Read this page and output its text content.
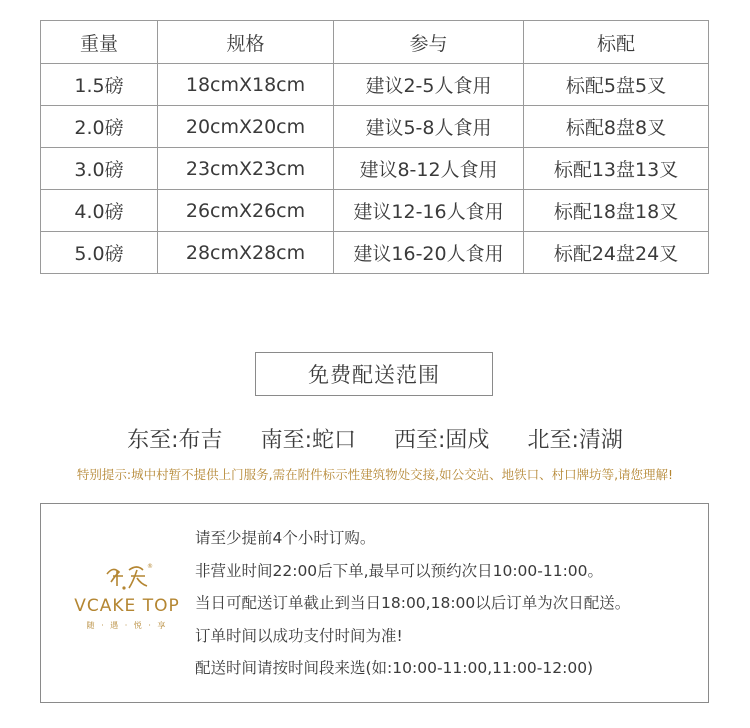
重量	规格	参与	标配
1.5磅	18cmX18cm	建议2-5人食用	标配5盘5叉
2.0磅	20cmX20cm	建议5-8人食用	标配8盘8叉
3.0磅	23cmX23cm	建议8-12人食用	标配13盘13叉
4.0磅	26cmX26cm	建议12-16人食用	标配18盘18叉
5.0磅	28cmX28cm	建议16-20人食用	标配24盘24叉
免费配送范围
东至: 布吉 南至: 蛇口 西至: 固戍 北至: 清湖
特别提示:城中村暂不提供上门服务,需在附件标示性建筑物处交接,如公交站、地铁口、村口牌坊等,请您理解!
®
VCAKE TOP
随 · 遇 · 悦 · 享
请至少提前4个小时订购。
非营业时间22:00后下单,最早可以预约次日10:00-11:00。
当日可配送订单截止到当日18:00,18:00以后订单为次日配送。
订单时间以成功支付时间为准!
配送时间请按时间段来选(如:10:00-11:00,11:00-12:00)
